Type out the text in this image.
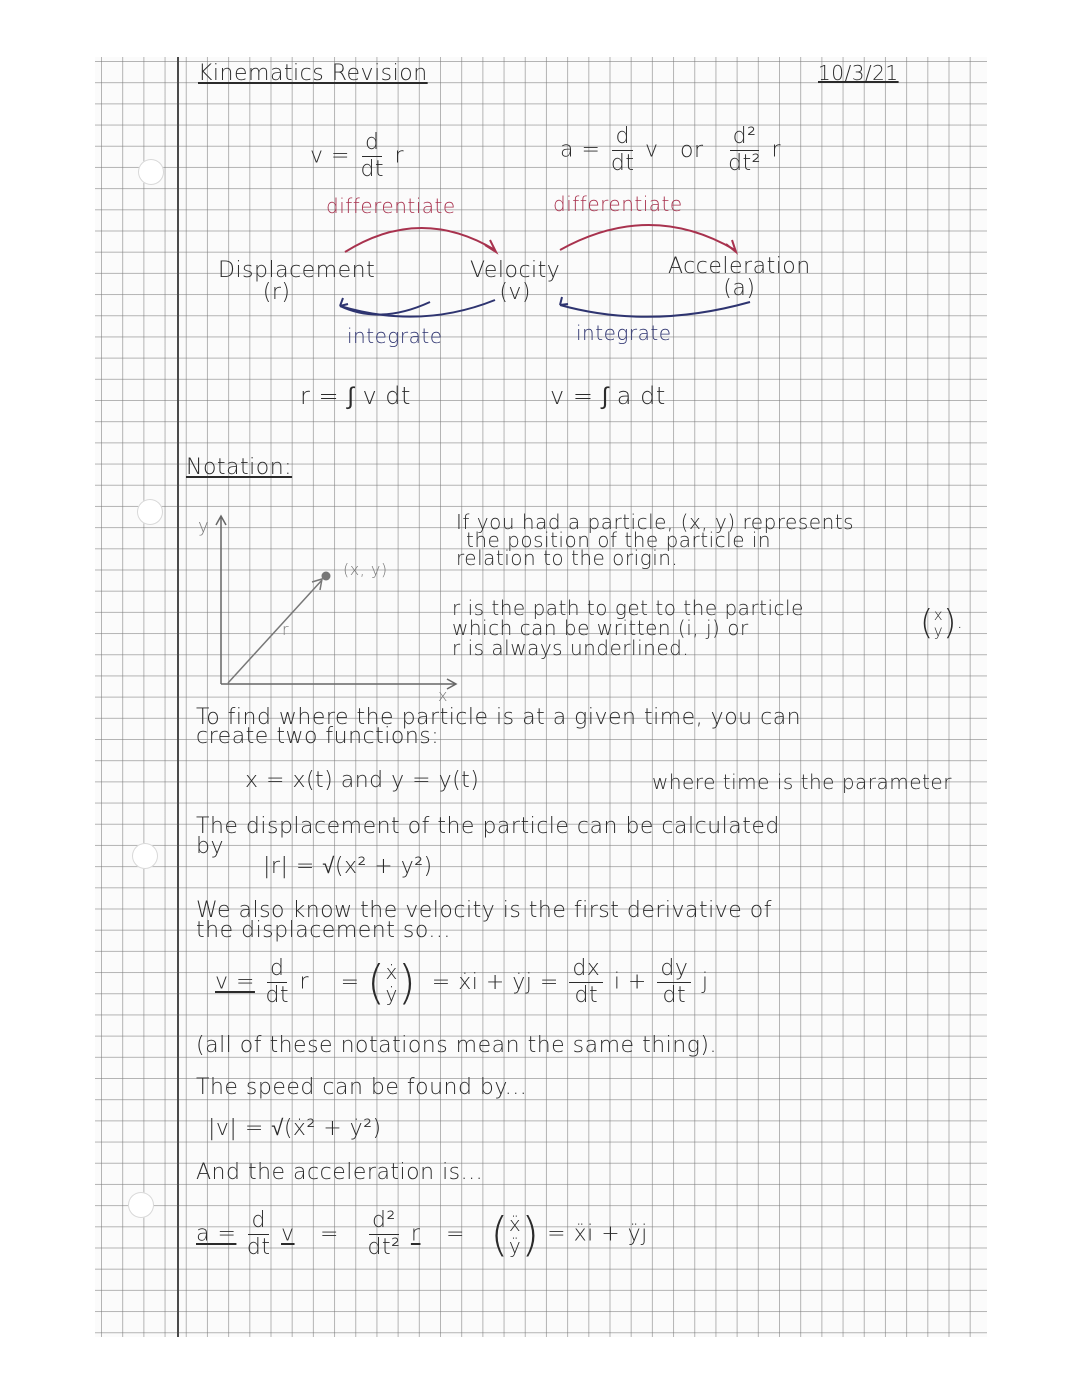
Kinematics Revision	10/3/21
$v = \frac{d}{dt}$ r	$a = \frac{d}{dt}$ v or $\frac{\text{d²}}{\text{dt²}}$ r
differentiate	differentiate
Displacement
(r)
Velocity
(v)
Acceleration
(a)
integrate	integrate
r = ∫ v dt	v = ∫ a dt
Notation:
y
x
(x, y)
r
If you had a particle, (x, y) represents
the position of the particle in
relation to the origin.
r is the path to get to the particle
which can be written (i, j) or
r is always underlined.
( x
y ).
To find where the particle is at a given time, you can
create two functions:
x = x(t) and y = y(t)	where time is the parameter
The displacement of the particle can be calculated
by
|r| = √(x² + y²)
We also know the velocity is the first derivative of
the displacement so...
$v = \frac{d}{dt}$ r = ( ẋ
ẏ ) = ẋi + ẏj = $\frac{dx}{dt}$ $i + \frac{dy}{dt}$ j
(all of these notations mean the same thing).
The speed can be found by...
|v| = √(ẋ² + ẏ²)
And the acceleration is...
$a = \frac{d}{dt}$ $v = \frac{\text{d²}}{\text{dt²}}$ r = ( ẍ
ÿ ) = ẍi + ÿj
